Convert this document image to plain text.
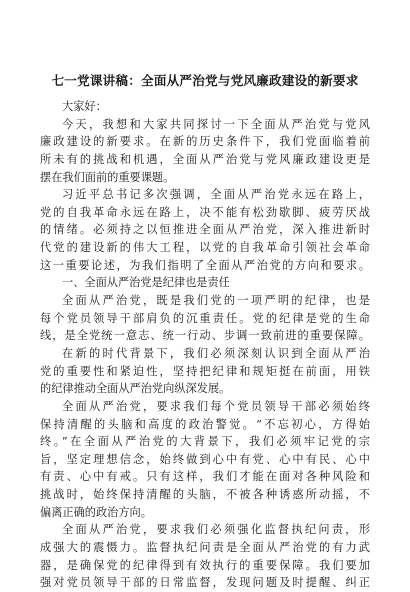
七一党课讲稿：全面从严治党与党风廉政建设的新要求
大家好：
今天，我想和大家共同探讨一下全面从严治党与党风
廉政建设的新要求。在新的历史条件下，我们党面临着前
所未有的挑战和机遇，全面从严治党与党风廉政建设更是
摆在我们面前的重要课题。
习近平总书记多次强调，全面从严治党永远在路上，
党的自我革命永远在路上，决不能有松劲歇脚、疲劳厌战
的情绪。必须持之以恒推进全面从严治党，深入推进新时
代党的建设新的伟大工程，以党的自我革命引领社会革命
这一重要论述，为我们指明了全面从严治党的方向和要求。
一、全面从严治党是纪律也是责任
全面从严治党，既是我们党的一项严明的纪律，也是
每个党员领导干部肩负的沉重责任。党的纪律是党的生命
线，是全党统一意志、统一行动、步调一致前进的重要保障。
在新的时代背景下，我们必须深刻认识到全面从严治
党的重要性和紧迫性，坚持把纪律和规矩挺在前面，用铁
的纪律推动全面从严治党向纵深发展。
全面从严治党，要求我们每个党员领导干部必须始终
保持清醒的头脑和高度的政治警觉。“不忘初心，方得始
终。”在全面从严治党的大背景下，我们必须牢记党的宗
旨，坚定理想信念，始终做到心中有党、心中有民、心中
有责、心中有戒。只有这样，我们才能在面对各种风险和
挑战时，始终保持清醒的头脑，不被各种诱惑所动摇，不
偏离正确的政治方向。
全面从严治党，要求我们必须强化监督执纪问责，形
成强大的震慑力。监督执纪问责是全面从严治党的有力武
器，是确保党的纪律得到有效执行的重要保障。我们要加
强对党员领导干部的日常监督，发现问题及时提醒、纠正
